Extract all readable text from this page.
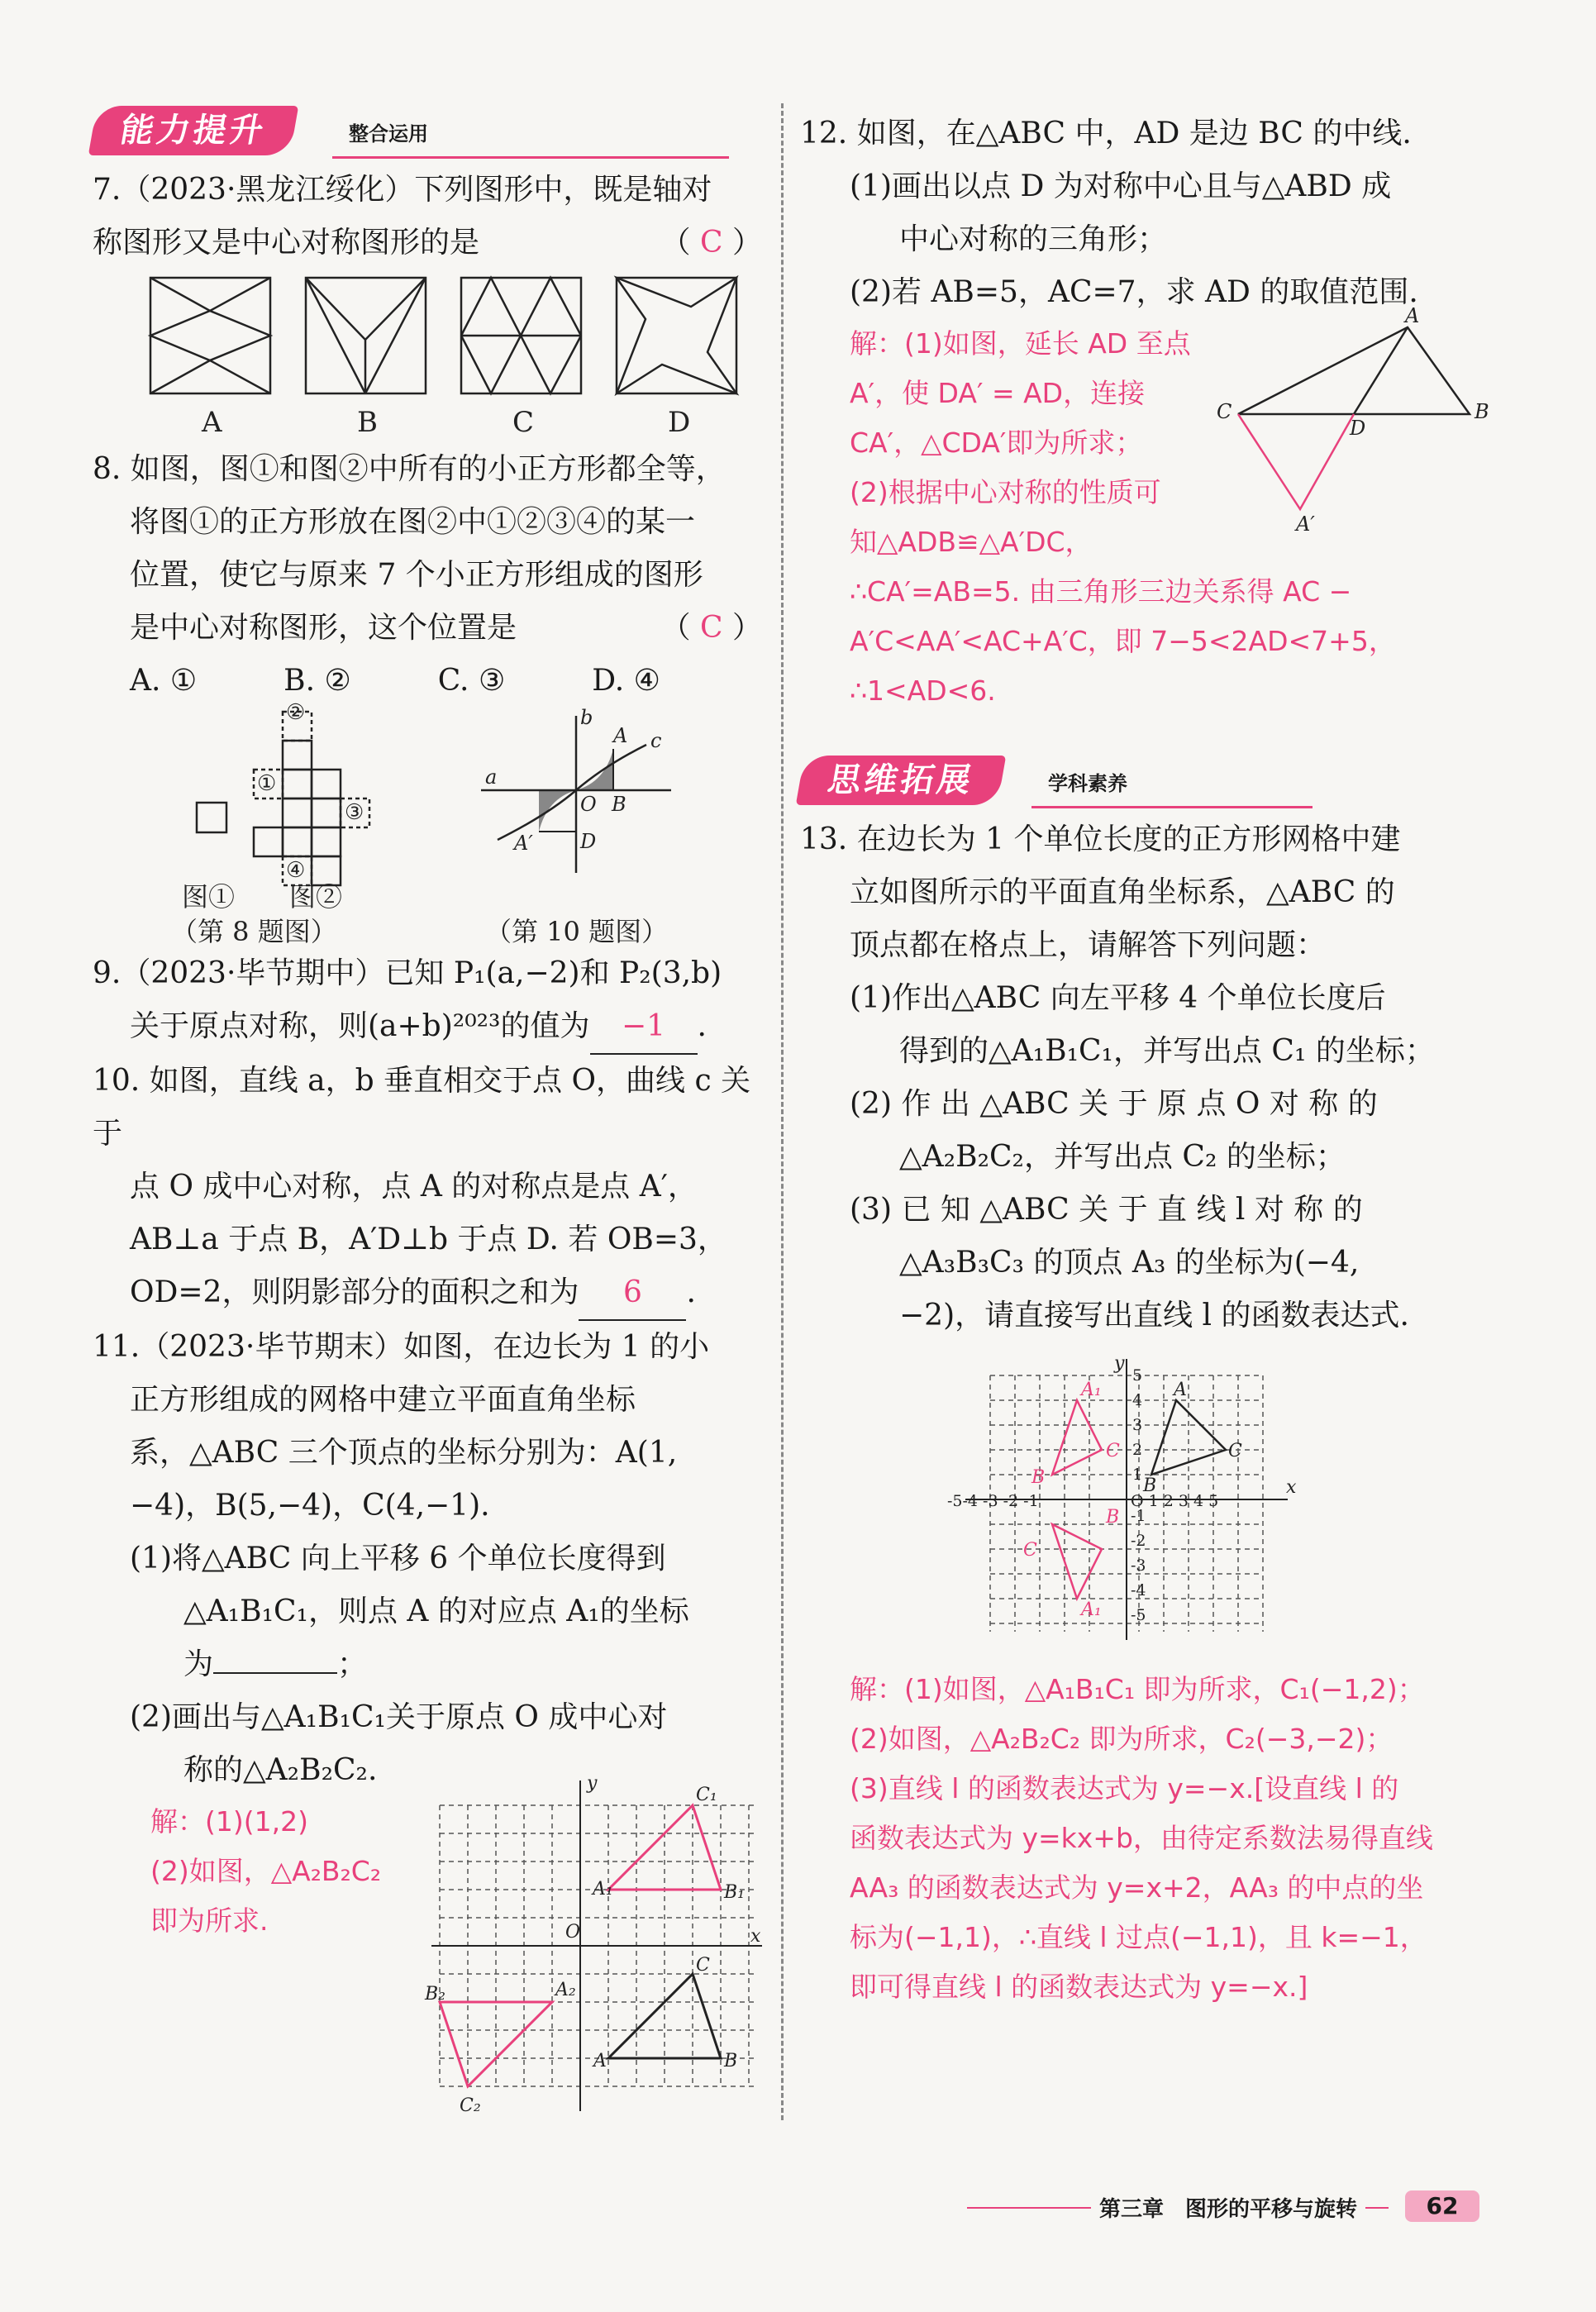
能力提升	整合运用
7.（2023·黑龙江绥化）下列图形中，既是轴对
称图形又是中心对称图形的是	（ C ）
A	B	C	D
8. 如图，图①和图②中所有的小正方形都全等，
将图①的正方形放在图②中①②③④的某一
位置，使它与原来 7 个小正方形组成的图形
是中心对称图形，这个位置是	（ C ）
A. ①	B. ②	C. ③	D. ④
②
①
③
④
图① 图②
（第 8 题图）	（第 10 题图）
b
a
c
A
O B
A′ D
9.（2023·毕节期中）已知 P₁(a,−2)和 P₂(3,b)
关于原点对称，则(a+b)²⁰²³的值为 −1 .
10. 如图，直线 a，b 垂直相交于点 O，曲线 c 关于
点 O 成中心对称，点 A 的对称点是点 A′，
AB⊥a 于点 B，A′D⊥b 于点 D. 若 OB=3，
OD=2，则阴影部分的面积之和为 6 .
11.（2023·毕节期末）如图，在边长为 1 的小
正方形组成的网格中建立平面直角坐标
系，△ABC 三个顶点的坐标分别为：A(1,
−4)，B(5,−4)，C(4,−1).
(1)将△ABC 向上平移 6 个单位长度得到
△A₁B₁C₁，则点 A 的对应点 A₁的坐标
为	；
(2)画出与△A₁B₁C₁关于原点 O 成中心对
称的△A₂B₂C₂.
解：(1)(1,2)
(2)如图，△A₂B₂C₂
即为所求.
y
x
O
C₁
A₁	B₁
A₂
B₂
C₂
C
A	B
12. 如图，在△ABC 中，AD 是边 BC 的中线.
(1)画出以点 D 为对称中心且与△ABD 成
中心对称的三角形；
(2)若 AB=5，AC=7，求 AD 的取值范围.
解：(1)如图，延长 AD 至点
A′，使 DA′ = AD，连接
CA′，△CDA′即为所求；
(2)根据中心对称的性质可
知△ADB≌△A′DC，
∴CA′=AB=5. 由三角形三边关系得 AC −
A′C<AA′<AC+A′C，即 7−5<2AD<7+5，
∴1<AD<6.
A
C	B
D
A′
思维拓展	学科素养
13. 在边长为 1 个单位长度的正方形网格中建
立如图所示的平面直角坐标系，△ABC 的
顶点都在格点上，请解答下列问题：
(1)作出△ABC 向左平移 4 个单位长度后
得到的△A₁B₁C₁，并写出点 C₁ 的坐标；
(2) 作 出 △ABC 关 于 原 点 O 对 称 的
△A₂B₂C₂，并写出点 C₂ 的坐标；
(3) 已 知 △ABC 关 于 直 线 l 对 称 的
△A₃B₃C₃ 的顶点 A₃ 的坐标为(−4,
−2)，请直接写出直线 l 的函数表达式.
-5-4 -3 -2 -1	O 1 2 3 4 5
5
4
3
2
1
-1
-2
-3
-4
-5
y
x
A
B
C
A₁
B
C
B
C
A₁
解：(1)如图，△A₁B₁C₁ 即为所求，C₁(−1,2)；
(2)如图，△A₂B₂C₂ 即为所求，C₂(−3,−2)；
(3)直线 l 的函数表达式为 y=−x.[设直线 l 的
函数表达式为 y=kx+b，由待定系数法易得直线
AA₃ 的函数表达式为 y=x+2，AA₃ 的中点的坐
标为(−1,1)，∴直线 l 过点(−1,1)，且 k=−1，
即可得直线 l 的函数表达式为 y=−x.]
第三章　图形的平移与旋转	62
